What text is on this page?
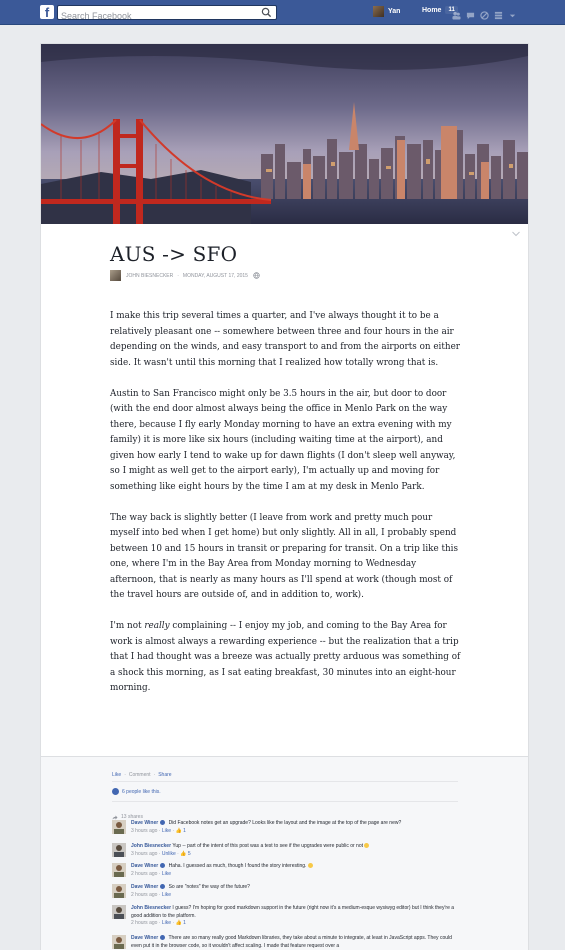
f
Search Facebook	Yan	Home	11
AUS -> SFO
JOHN BIESNECKER · MONDAY, AUGUST 17, 2015

I make this trip several times a quarter, and I've always thought it to be a relatively pleasant one -- somewhere between three and four hours in the air depending on the winds, and easy transport to and from the airports on either side. It wasn't until this morning that I realized how totally wrong that is.

Austin to San Francisco might only be 3.5 hours in the air, but door to door (with the end door almost always being the office in Menlo Park on the way there, because I fly early Monday morning to have an extra evening with my family) it is more like six hours (including waiting time at the airport), and given how early I tend to wake up for dawn flights (I don't sleep well anyway, so I might as well get to the airport early), I'm actually up and moving for something like eight hours by the time I am at my desk in Menlo Park.

The way back is slightly better (I leave from work and pretty much pour myself into bed when I get home) but only slightly. All in all, I probably spend between 10 and 15 hours in transit or preparing for transit. On a trip like this one, where I'm in the Bay Area from Monday morning to Wednesday afternoon, that is nearly as many hours as I'll spend at work (though most of the travel hours are outside of, and in addition to, work).

I'm not really complaining -- I enjoy my job, and coming to the Bay Area for work is almost always a rewarding experience -- but the realization that a trip that I had thought was a breeze was actually pretty arduous was something of a shock this morning, as I sat eating breakfast, 30 minutes into an eight-hour morning.

Like · Comment · Share
6 people like this.
13 shares
Dave Winer Did Facebook notes get an upgrade? Looks like the layout and the image at the top of the page are new?
3 hours ago · Like · 👍 1
John Biesnecker Yup -- part of the intent of this post was a test to see if the upgrades were public or not
3 hours ago · Unlike · 👍 5
Dave Winer Haha. I guessed as much, though I found the story interesting.
2 hours ago · Like
Dave Winer So are "notes" the way of the future?
2 hours ago · Like
John Biesnecker I guess? I'm hoping for good markdown support in the future (right now it's a medium-esque wysiwyg editor) but I think they're a good addition to the platform.
2 hours ago · Like · 👍 1
Dave Winer There are so many really good Markdown libraries, they take about a minute to integrate, at least in JavaScript apps. They could even put it in the browser code, so it wouldn't affect scaling. I made that feature request over a
